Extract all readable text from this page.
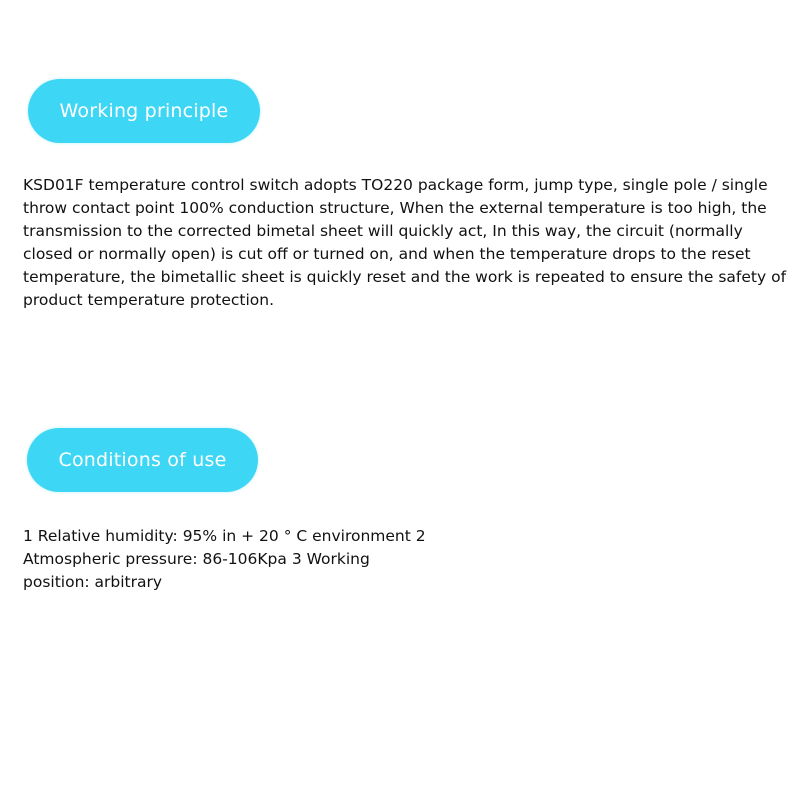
Working principle

KSD01F temperature control switch adopts TO220 package form, jump type, single pole / single
throw contact point 100% conduction structure, When the external temperature is too high, the
transmission to the corrected bimetal sheet will quickly act, In this way, the circuit (normally
closed or normally open) is cut off or turned on, and when the temperature drops to the reset
temperature, the bimetallic sheet is quickly reset and the work is repeated to ensure the safety of
product temperature protection.

Conditions of use

1 Relative humidity: 95% in + 20 ° C environment 2
Atmospheric pressure: 86-106Kpa 3 Working
position: arbitrary
